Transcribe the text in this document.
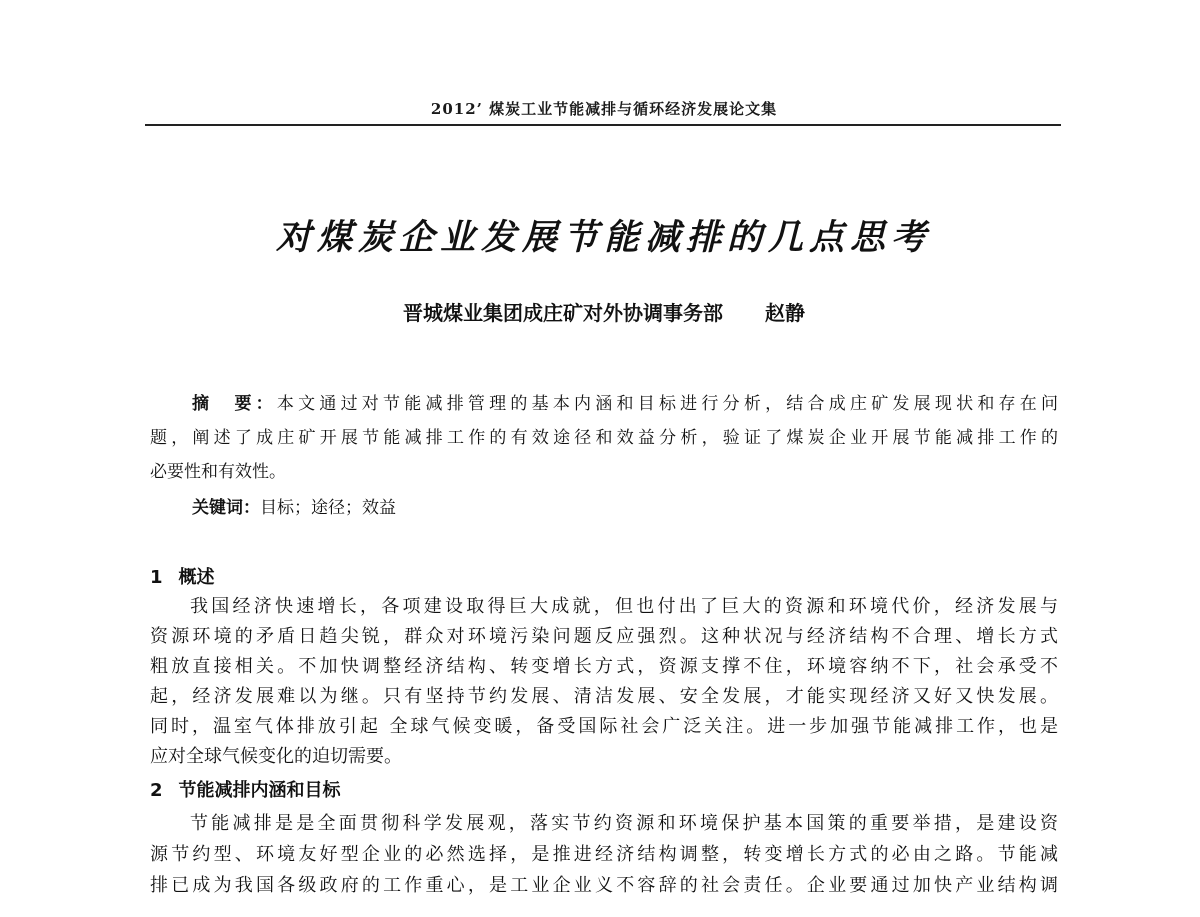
2012’ 煤炭工业节能减排与循环经济发展论文集
对煤炭企业发展节能减排的几点思考
晋城煤业集团成庄矿对外协调事务部 赵静
摘　要：本文通过对节能减排管理的基本内涵和目标进行分析，结合成庄矿发展现状和存在问
题，阐述了成庄矿开展节能减排工作的有效途径和效益分析，验证了煤炭企业开展节能减排工作的
必要性和有效性。
关键词：目标；途径；效益
1 概述
我国经济快速增长，各项建设取得巨大成就，但也付出了巨大的资源和环境代价，经济发展与
资源环境的矛盾日趋尖锐，群众对环境污染问题反应强烈。这种状况与经济结构不合理、增长方式
粗放直接相关。不加快调整经济结构、转变增长方式，资源支撑不住，环境容纳不下，社会承受不
起，经济发展难以为继。只有坚持节约发展、清洁发展、安全发展，才能实现经济又好又快发展。
同时，温室气体排放引起 全球气候变暖，备受国际社会广泛关注。进一步加强节能减排工作，也是
应对全球气候变化的迫切需要。
2 节能减排内涵和目标
节能减排是是全面贯彻科学发展观，落实节约资源和环境保护基本国策的重要举措，是建设资
源节约型、环境友好型企业的必然选择，是推进经济结构调整，转变增长方式的必由之路。节能减
排已成为我国各级政府的工作重心，是工业企业义不容辞的社会责任。企业要通过加快产业结构调
